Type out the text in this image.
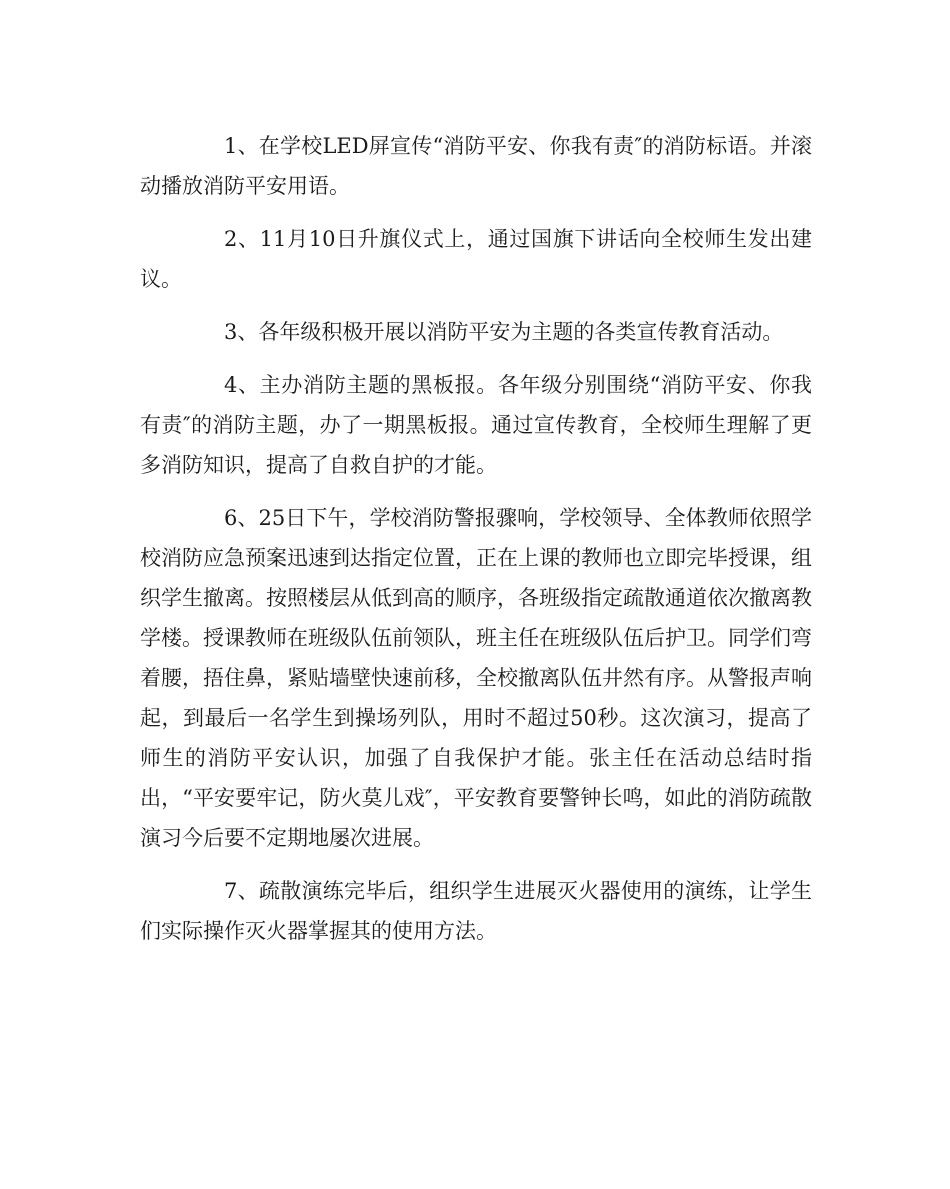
1、在学校LED屏宣传“消防平安、你我有责″的消防标语。并滚动播放消防平安用语。

2、11月10日升旗仪式上，通过国旗下讲话向全校师生发出建议。

3、各年级积极开展以消防平安为主题的各类宣传教育活动。

4、主办消防主题的黑板报。各年级分别围绕“消防平安、你我有责″的消防主题，办了一期黑板报。通过宣传教育，全校师生理解了更多消防知识，提高了自救自护的才能。

6、25日下午，学校消防警报骤响，学校领导、全体教师依照学校消防应急预案迅速到达指定位置，正在上课的教师也立即完毕授课，组织学生撤离。按照楼层从低到高的顺序，各班级指定疏散通道依次撤离教学楼。授课教师在班级队伍前领队，班主任在班级队伍后护卫。同学们弯着腰，捂住鼻，紧贴墙壁快速前移，全校撤离队伍井然有序。从警报声响起，到最后一名学生到操场列队，用时不超过50秒。这次演习，提高了师生的消防平安认识，加强了自我保护才能。张主任在活动总结时指出，“平安要牢记，防火莫儿戏″，平安教育要警钟长鸣，如此的消防疏散演习今后要不定期地屡次进展。

7、疏散演练完毕后，组织学生进展灭火器使用的演练，让学生们实际操作灭火器掌握其的使用方法。
